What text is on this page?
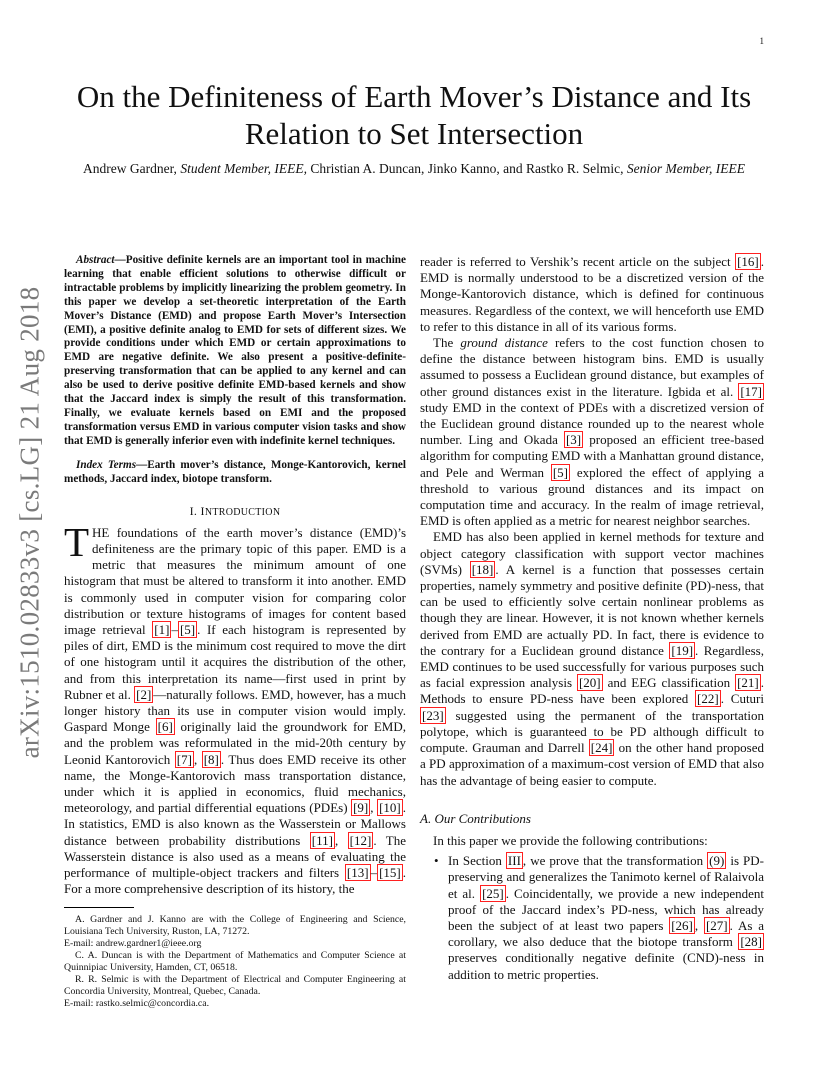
1
arXiv:1510.02833v3 [cs.LG] 21 Aug 2018
On the Definiteness of Earth Mover’s Distance and Its Relation to Set Intersection
Andrew Gardner, Student Member, IEEE, Christian A. Duncan, Jinko Kanno, and Rastko R. Selmic, Senior Member, IEEE

Abstract—Positive definite kernels are an important tool in machine learning that enable efficient solutions to otherwise difficult or intractable problems by implicitly linearizing the problem geometry. In this paper we develop a set-theoretic interpretation of the Earth Mover’s Distance (EMD) and propose Earth Mover’s Intersection (EMI), a positive definite analog to EMD for sets of different sizes. We provide conditions under which EMD or certain approximations to EMD are negative definite. We also present a positive-definite-preserving transformation that can be applied to any kernel and can also be used to derive positive definite EMD-based kernels and show that the Jaccard index is simply the result of this transformation. Finally, we evaluate kernels based on EMI and the proposed transformation versus EMD in various computer vision tasks and show that EMD is generally inferior even with indefinite kernel techniques.

Index Terms—Earth mover’s distance, Monge-Kantorovich, kernel methods, Jaccard index, biotope transform.

I. INTRODUCTION

THE foundations of the earth mover’s distance (EMD)’s definiteness are the primary topic of this paper. EMD is a metric that measures the minimum amount of one histogram that must be altered to transform it into another. EMD is commonly used in computer vision for comparing color distribution or texture histograms of images for content based image retrieval [1] – [5] . If each histogram is represented by piles of dirt, EMD is the minimum cost required to move the dirt of one histogram until it acquires the distribution of the other, and from this interpretation its name—first used in print by Rubner et al. [2] —naturally follows. EMD, however, has a much longer history than its use in computer vision would imply. Gaspard Monge [6] originally laid the groundwork for EMD, and the problem was reformulated in the mid-20th century by Leonid Kantorovich [7] , [8] . Thus does EMD receive its other name, the Monge-Kantorovich mass transportation distance, under which it is applied in economics, fluid mechanics, meteorology, and partial differential equations (PDEs) [9] , [10] . In statistics, EMD is also known as the Wasserstein or Mallows distance between probability distributions [11] , [12] . The Wasserstein distance is also used as a means of evaluating the performance of multiple-object trackers and filters [13] – [15] . For a more comprehensive description of its history, the

A. Gardner and J. Kanno are with the College of Engineering and Science, Louisiana Tech University, Ruston, LA, 71272.
E-mail: andrew.gardner1@ieee.org
C. A. Duncan is with the Department of Mathematics and Computer Science at Quinnipiac University, Hamden, CT, 06518.
R. R. Selmic is with the Department of Electrical and Computer Engineering at Concordia University, Montreal, Quebec, Canada.
E-mail: rastko.selmic@concordia.ca.

reader is referred to Vershik’s recent article on the subject [16] . EMD is normally understood to be a discretized version of the Monge-Kantorovich distance, which is defined for continuous measures. Regardless of the context, we will henceforth use EMD to refer to this distance in all of its various forms.

The ground distance refers to the cost function chosen to define the distance between histogram bins. EMD is usually assumed to possess a Euclidean ground distance, but examples of other ground distances exist in the literature. Igbida et al. [17] study EMD in the context of PDEs with a discretized version of the Euclidean ground distance rounded up to the nearest whole number. Ling and Okada [3] proposed an efficient tree-based algorithm for computing EMD with a Manhattan ground distance, and Pele and Werman [5] explored the effect of applying a threshold to various ground distances and its impact on computation time and accuracy. In the realm of image retrieval, EMD is often applied as a metric for nearest neighbor searches.

EMD has also been applied in kernel methods for texture and object category classification with support vector machines (SVMs) [18] . A kernel is a function that possesses certain properties, namely symmetry and positive definite (PD)-ness, that can be used to efficiently solve certain nonlinear problems as though they are linear. However, it is not known whether kernels derived from EMD are actually PD. In fact, there is evidence to the contrary for a Euclidean ground distance [19] . Regardless, EMD continues to be used successfully for various purposes such as facial expression analysis [20] and EEG classification [21] . Methods to ensure PD-ness have been explored [22] . Cuturi [23] suggested using the permanent of the transportation polytope, which is guaranteed to be PD although difficult to compute. Grauman and Darrell [24] on the other hand proposed a PD approximation of a maximum-cost version of EMD that also has the advantage of being easier to compute.

A. Our Contributions

In this paper we provide the following contributions:

• In Section III , we prove that the transformation (9) is PD-preserving and generalizes the Tanimoto kernel of Ralaivola et al. [25] . Coincidentally, we provide a new independent proof of the Jaccard index’s PD-ness, which has already been the subject of at least two papers [26] , [27] . As a corollary, we also deduce that the biotope transform [28] preserves conditionally negative definite (CND)-ness in addition to metric properties.
